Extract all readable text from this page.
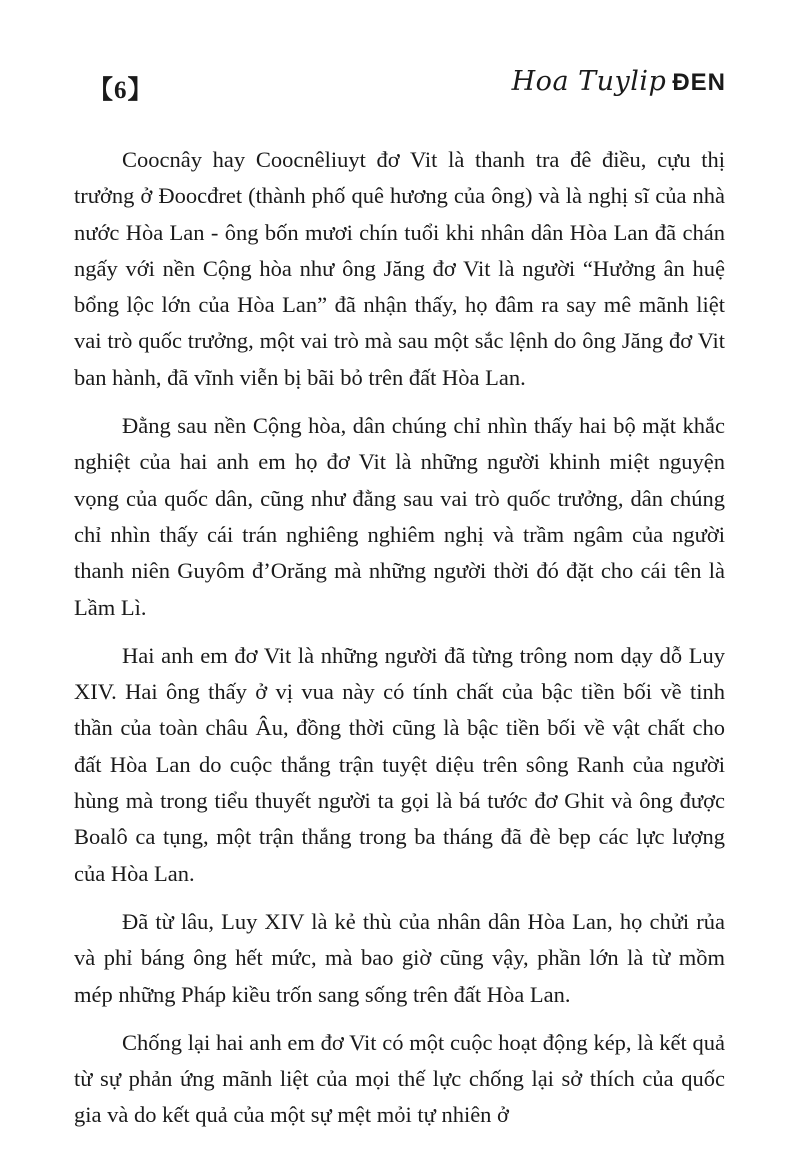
【6】	Hoa Tuylip ĐEN

Coocnây hay Coocnêliuyt đơ Vit là thanh tra đê điều, cựu thị trưởng ở Đoocđret (thành phố quê hương của ông) và là nghị sĩ của nhà nước Hòa Lan - ông bốn mươi chín tuổi khi nhân dân Hòa Lan đã chán ngấy với nền Cộng hòa như ông Jăng đơ Vit là người “Hưởng ân huệ bổng lộc lớn của Hòa Lan” đã nhận thấy, họ đâm ra say mê mãnh liệt vai trò quốc trưởng, một vai trò mà sau một sắc lệnh do ông Jăng đơ Vit ban hành, đã vĩnh viễn bị bãi bỏ trên đất Hòa Lan.

Đằng sau nền Cộng hòa, dân chúng chỉ nhìn thấy hai bộ mặt khắc nghiệt của hai anh em họ đơ Vit là những người khinh miệt nguyện vọng của quốc dân, cũng như đằng sau vai trò quốc trưởng, dân chúng chỉ nhìn thấy cái trán nghiêng nghiêm nghị và trầm ngâm của người thanh niên Guyôm đ’Orăng mà những người thời đó đặt cho cái tên là Lầm Lì.

Hai anh em đơ Vit là những người đã từng trông nom dạy dỗ Luy XIV. Hai ông thấy ở vị vua này có tính chất của bậc tiền bối về tinh thần của toàn châu Âu, đồng thời cũng là bậc tiền bối về vật chất cho đất Hòa Lan do cuộc thắng trận tuyệt diệu trên sông Ranh của người hùng mà trong tiểu thuyết người ta gọi là bá tước đơ Ghit và ông được Boalô ca tụng, một trận thắng trong ba tháng đã đè bẹp các lực lượng của Hòa Lan.

Đã từ lâu, Luy XIV là kẻ thù của nhân dân Hòa Lan, họ chửi rủa và phỉ báng ông hết mức, mà bao giờ cũng vậy, phần lớn là từ mồm mép những Pháp kiều trốn sang sống trên đất Hòa Lan.

Chống lại hai anh em đơ Vit có một cuộc hoạt động kép, là kết quả từ sự phản ứng mãnh liệt của mọi thế lực chống lại sở thích của quốc gia và do kết quả của một sự mệt mỏi tự nhiên ở
